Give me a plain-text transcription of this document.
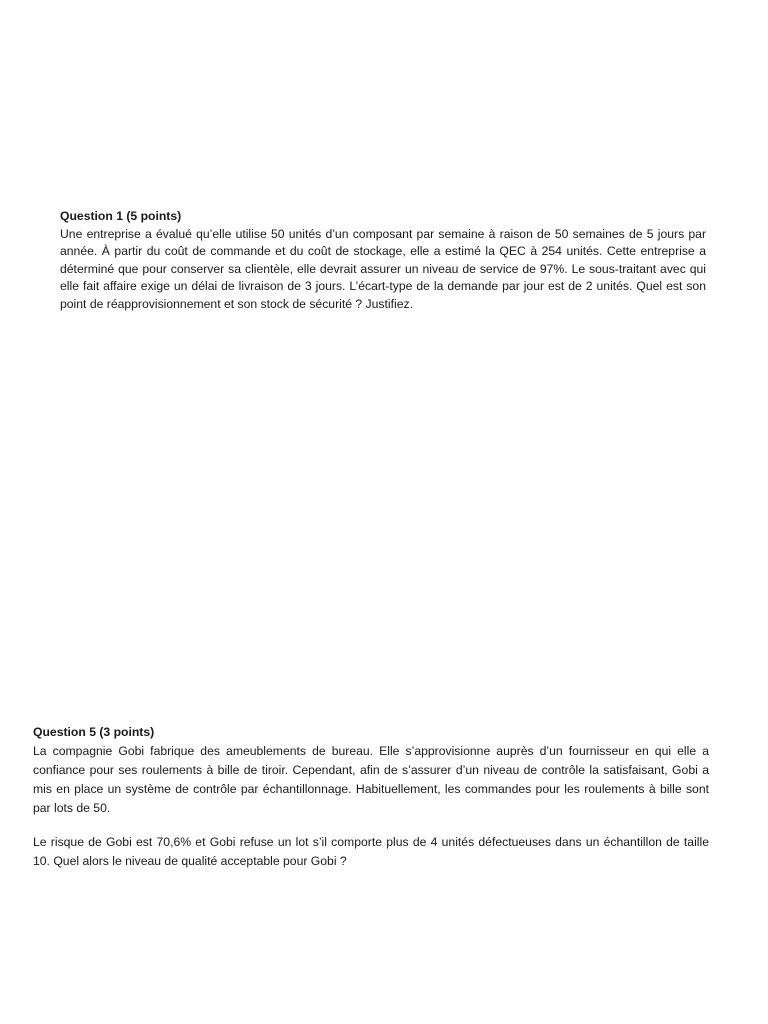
Question 1 (5 points)

Une entreprise a évalué qu’elle utilise 50 unités d’un composant par semaine à raison de 50 semaines de 5 jours par année. À partir du coût de commande et du coût de stockage, elle a estimé la QEC à 254 unités. Cette entreprise a déterminé que pour conserver sa clientèle, elle devrait assurer un niveau de service de 97%. Le sous-traitant avec qui elle fait affaire exige un délai de livraison de 3 jours. L’écart-type de la demande par jour est de 2 unités. Quel est son point de réapprovisionnement et son stock de sécurité ? Justifiez.

Question 5 (3 points)

La compagnie Gobi fabrique des ameublements de bureau. Elle s’approvisionne auprès d’un fournisseur en qui elle a confiance pour ses roulements à bille de tiroir. Cependant, afin de s’assurer d’un niveau de contrôle la satisfaisant, Gobi a mis en place un système de contrôle par échantillonnage. Habituellement, les commandes pour les roulements à bille sont par lots de 50.

Le risque de Gobi est 70,6% et Gobi refuse un lot s’il comporte plus de 4 unités défectueuses dans un échantillon de taille 10. Quel alors le niveau de qualité acceptable pour Gobi ?
